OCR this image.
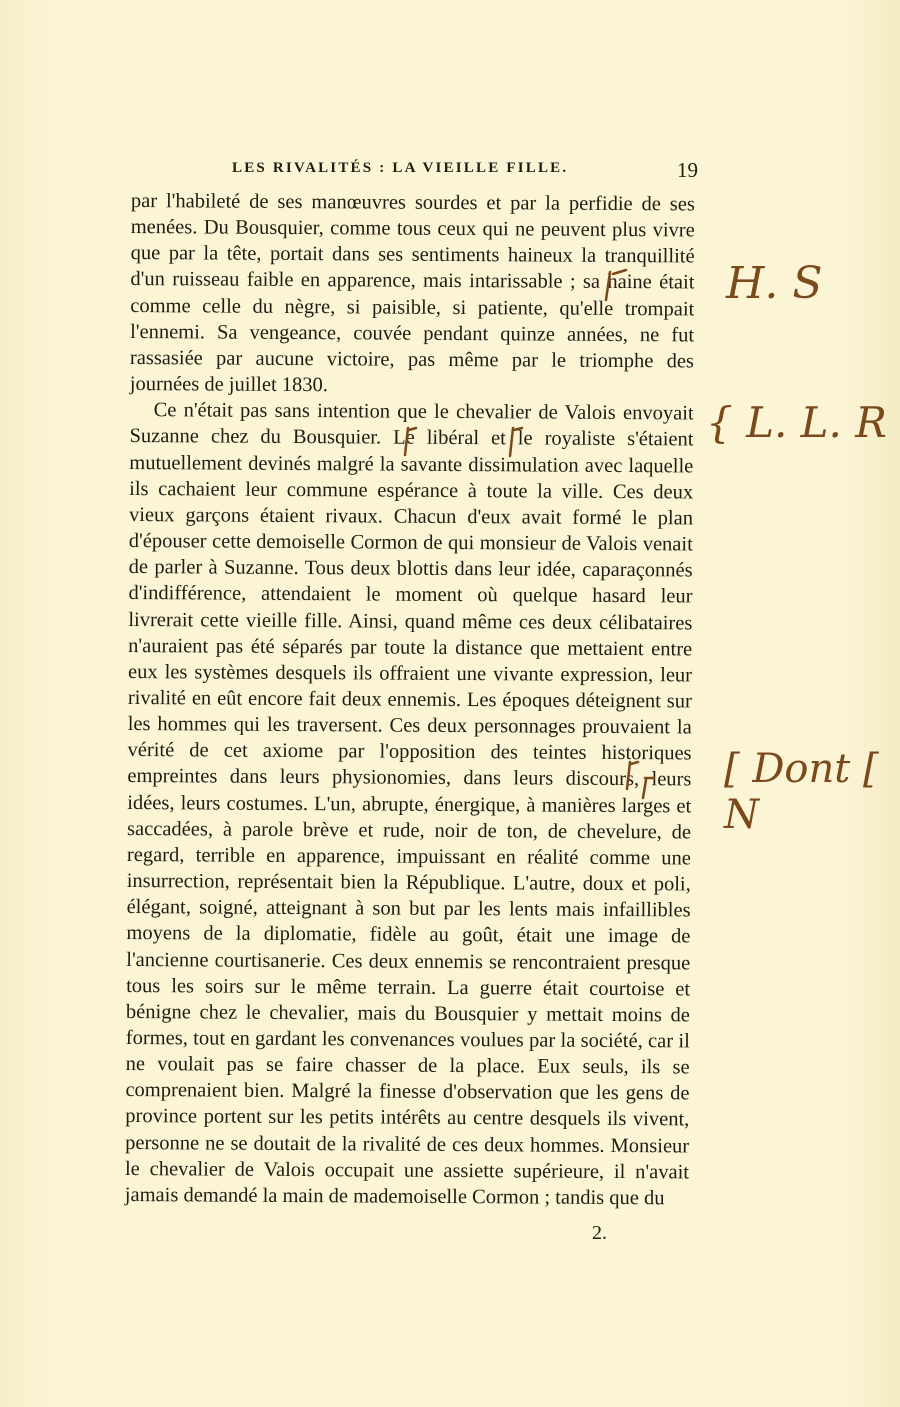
LES RIVALITÉS : LA VIEILLE FILLE.	19

par l'habileté de ses manœuvres sourdes et par la perfidie de ses menées. Du Bousquier, comme tous ceux qui ne peuvent plus vivre que par la tête, portait dans ses sentiments haineux la tranquillité d'un ruisseau faible en apparence, mais intarissable ; sa haine était comme celle du nègre, si paisible, si patiente, qu'elle trompait l'ennemi. Sa vengeance, couvée pendant quinze années, ne fut rassasiée par aucune victoire, pas même par le triomphe des journées de juillet 1830.

Ce n'était pas sans intention que le chevalier de Valois envoyait Suzanne chez du Bousquier. Le libéral et le royaliste s'étaient mutuellement devinés malgré la savante dissimulation avec laquelle ils cachaient leur commune espérance à toute la ville. Ces deux vieux garçons étaient rivaux. Chacun d'eux avait formé le plan d'épouser cette demoiselle Cormon de qui monsieur de Valois venait de parler à Suzanne. Tous deux blottis dans leur idée, caparaçonnés d'indifférence, attendaient le moment où quelque hasard leur livrerait cette vieille fille. Ainsi, quand même ces deux célibataires n'auraient pas été séparés par toute la distance que mettaient entre eux les systèmes desquels ils offraient une vivante expression, leur rivalité en eût encore fait deux ennemis. Les époques déteignent sur les hommes qui les traversent. Ces deux personnages prouvaient la vérité de cet axiome par l'opposition des teintes historiques empreintes dans leurs physionomies, dans leurs discours, leurs idées, leurs costumes. L'un, abrupte, énergique, à manières larges et saccadées, à parole brève et rude, noir de ton, de chevelure, de regard, terrible en apparence, impuissant en réalité comme une insurrection, représentait bien la République. L'autre, doux et poli, élégant, soigné, atteignant à son but par les lents mais infaillibles moyens de la diplomatie, fidèle au goût, était une image de l'ancienne courtisanerie. Ces deux ennemis se rencontraient presque tous les soirs sur le même terrain. La guerre était courtoise et bénigne chez le chevalier, mais du Bousquier y mettait moins de formes, tout en gardant les convenances voulues par la société, car il ne voulait pas se faire chasser de la place. Eux seuls, ils se comprenaient bien. Malgré la finesse d'observation que les gens de province portent sur les petits intérêts au centre desquels ils vivent, personne ne se doutait de la rivalité de ces deux hommes. Monsieur le chevalier de Valois occupait une assiette supérieure, il n'avait jamais demandé la main de mademoiselle Cormon ; tandis que du

2.
H. S
{ L. L. R
[ Dont [ N
